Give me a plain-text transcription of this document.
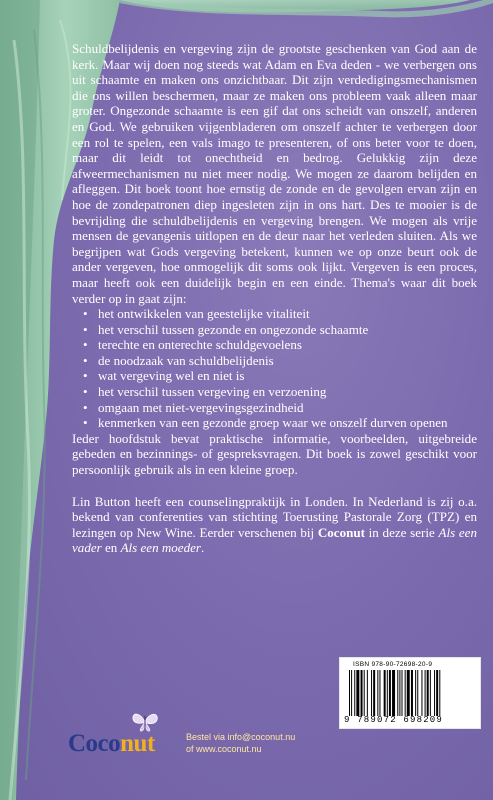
Schuldbelijdenis en vergeving zijn de grootste geschenken van God aan de kerk. Maar wij doen nog steeds wat Adam en Eva deden - we verbergen ons uit schaamte en maken ons onzichtbaar. Dit zijn verdedigingsmechanismen die ons willen beschermen, maar ze maken ons probleem vaak alleen maar groter. Ongezonde schaamte is een gif dat ons scheidt van onszelf, anderen en God. We gebruiken vijgenbladeren om onszelf achter te verbergen door een rol te spelen, een vals imago te presenteren, of ons beter voor te doen, maar dit leidt tot onechtheid en bedrog. Gelukkig zijn deze afweermechanismen nu niet meer nodig. We mogen ze daarom belijden en afleggen. Dit boek toont hoe ernstig de zonde en de gevolgen ervan zijn en hoe de zondepatronen diep ingesleten zijn in ons hart. Des te mooier is de bevrijding die schuldbelijdenis en vergeving brengen. We mogen als vrije mensen de gevangenis uitlopen en de deur naar het verleden sluiten. Als we begrijpen wat Gods vergeving betekent, kunnen we op onze beurt ook de ander vergeven, hoe onmogelijk dit soms ook lijkt. Vergeven is een proces, maar heeft ook een duidelijk begin en een einde. Thema's waar dit boek verder op in gaat zijn:

• het ontwikkelen van geestelijke vitaliteit
• het verschil tussen gezonde en ongezonde schaamte
• terechte en onterechte schuldgevoelens
• de noodzaak van schuldbelijdenis
• wat vergeving wel en niet is
• het verschil tussen vergeving en verzoening
• omgaan met niet-vergevingsgezindheid
• kenmerken van een gezonde groep waar we onszelf durven openen

Ieder hoofdstuk bevat praktische informatie, voorbeelden, uitgebreide gebeden en bezinnings- of gespreksvragen. Dit boek is zowel geschikt voor persoonlijk gebruik als in een kleine groep.

Lin Button heeft een counselingpraktijk in Londen. In Nederland is zij o.a. bekend van conferenties van stichting Toerusting Pastorale Zorg (TPZ) en lezingen op New Wine. Eerder verschenen bij Coconut in deze serie Als een vader en Als een moeder.

Coconut	Bestel via info@coconut.nu
of www.coconut.nu
ISBN 978-90-72698-20-9
9 789072 698209
